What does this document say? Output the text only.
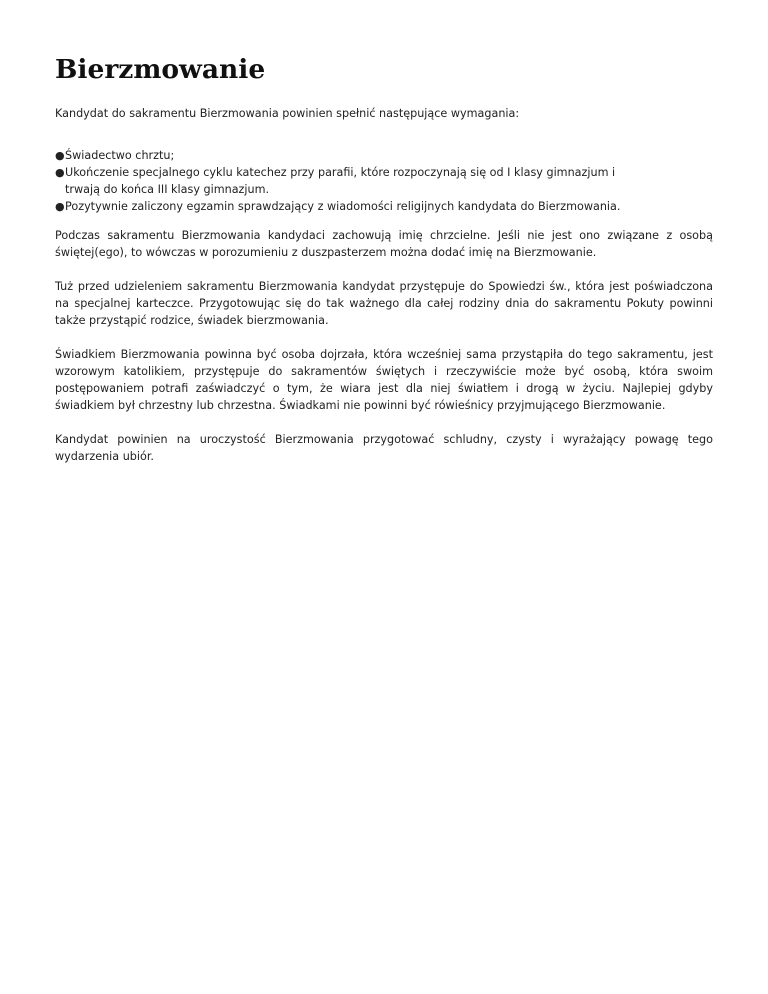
Bierzmowanie

Kandydat do sakramentu Bierzmowania powinien spełnić następujące wymagania:

● Świadectwo chrztu;
● Ukończenie specjalnego cyklu katechez przy parafii, które rozpoczynają się od I klasy gimnazjum i trwają do końca III klasy gimnazjum.
● Pozytywnie zaliczony egzamin sprawdzający z wiadomości religijnych kandydata do Bierzmowania.

Podczas sakramentu Bierzmowania kandydaci zachowują imię chrzcielne. Jeśli nie jest ono związane z osobą świętej(ego), to wówczas w porozumieniu z duszpasterzem można dodać imię na Bierzmowanie.

Tuż przed udzieleniem sakramentu Bierzmowania kandydat przystępuje do Spowiedzi św., która jest poświadczona na specjalnej karteczce. Przygotowując się do tak ważnego dla całej rodziny dnia do sakramentu Pokuty powinni także przystąpić rodzice, świadek bierzmowania.

Świadkiem Bierzmowania powinna być osoba dojrzała, która wcześniej sama przystąpiła do tego sakramentu, jest wzorowym katolikiem, przystępuje do sakramentów świętych i rzeczywiście może być osobą, która swoim postępowaniem potrafi zaświadczyć o tym, że wiara jest dla niej światłem i drogą w życiu. Najlepiej gdyby świadkiem był chrzestny lub chrzestna. Świadkami nie powinni być rówieśnicy przyjmującego Bierzmowanie.

Kandydat powinien na uroczystość Bierzmowania przygotować schludny, czysty i wyrażający powagę tego wydarzenia ubiór.
